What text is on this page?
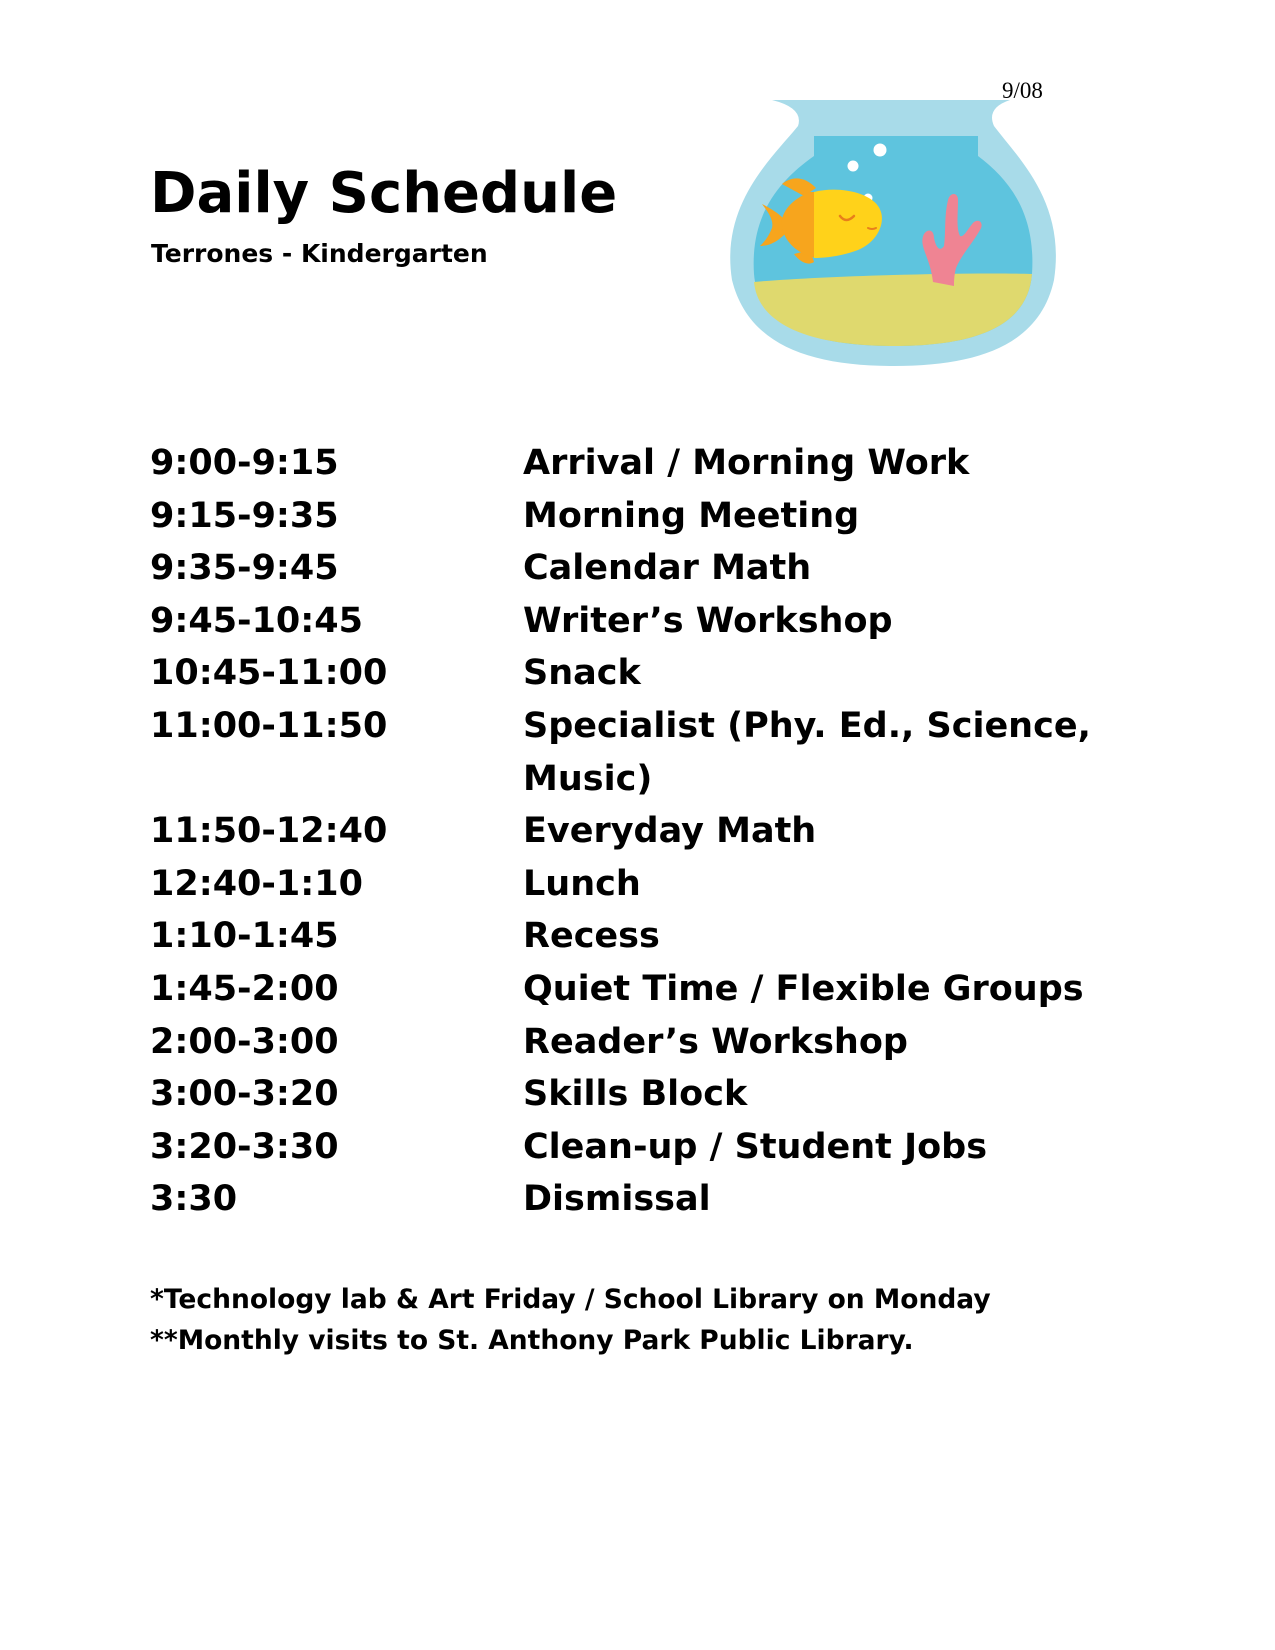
9/08
Daily Schedule
Terrones - Kindergarten
9:00-9:15	Arrival / Morning Work
9:15-9:35	Morning Meeting
9:35-9:45	Calendar Math
9:45-10:45	Writer’s Workshop
10:45-11:00	Snack
11:00-11:50	Specialist (Phy. Ed., Science, Music)
11:50-12:40	Everyday Math
12:40-1:10	Lunch
1:10-1:45	Recess
1:45-2:00	Quiet Time / Flexible Groups
2:00-3:00	Reader’s Workshop
3:00-3:20	Skills Block
3:20-3:30	Clean-up / Student Jobs
3:30	Dismissal
*Technology lab & Art Friday / School Library on Monday
**Monthly visits to St. Anthony Park Public Library.
